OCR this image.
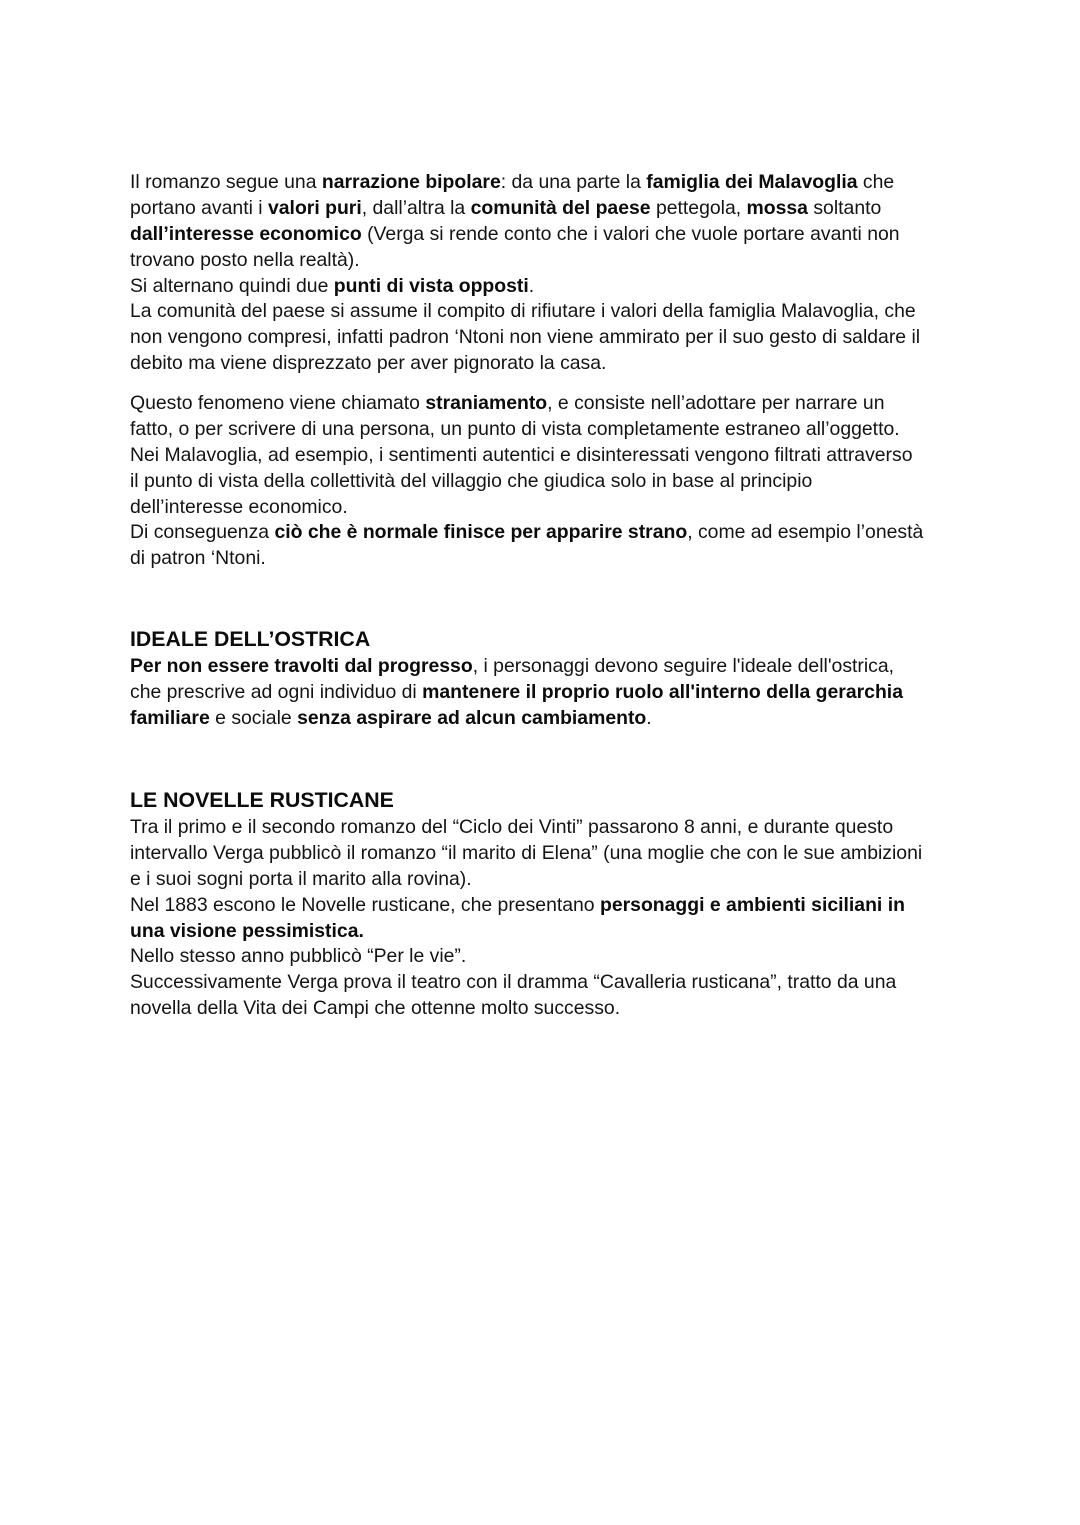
Il romanzo segue una narrazione bipolare: da una parte la famiglia dei Malavoglia che
portano avanti i valori puri, dall’altra la comunità del paese pettegola, mossa soltanto
dall’interesse economico (Verga si rende conto che i valori che vuole portare avanti non
trovano posto nella realtà).
Si alternano quindi due punti di vista opposti.
La comunità del paese si assume il compito di rifiutare i valori della famiglia Malavoglia, che
non vengono compresi, infatti padron ‘Ntoni non viene ammirato per il suo gesto di saldare il
debito ma viene disprezzato per aver pignorato la casa.
Questo fenomeno viene chiamato straniamento, e consiste nell’adottare per narrare un
fatto, o per scrivere di una persona, un punto di vista completamente estraneo all’oggetto.
Nei Malavoglia, ad esempio, i sentimenti autentici e disinteressati vengono filtrati attraverso
il punto di vista della collettività del villaggio che giudica solo in base al principio
dell’interesse economico.
Di conseguenza ciò che è normale finisce per apparire strano, come ad esempio l’onestà
di patron ‘Ntoni.
IDEALE DELL’OSTRICA
Per non essere travolti dal progresso, i personaggi devono seguire l'ideale dell'ostrica,
che prescrive ad ogni individuo di mantenere il proprio ruolo all'interno della gerarchia
familiare e sociale senza aspirare ad alcun cambiamento.
LE NOVELLE RUSTICANE
Tra il primo e il secondo romanzo del “Ciclo dei Vinti” passarono 8 anni, e durante questo
intervallo Verga pubblicò il romanzo “il marito di Elena” (una moglie che con le sue ambizioni
e i suoi sogni porta il marito alla rovina).
Nel 1883 escono le Novelle rusticane, che presentano personaggi e ambienti siciliani in
una visione pessimistica.
Nello stesso anno pubblicò “Per le vie”.
Successivamente Verga prova il teatro con il dramma “Cavalleria rusticana”, tratto da una
novella della Vita dei Campi che ottenne molto successo.
